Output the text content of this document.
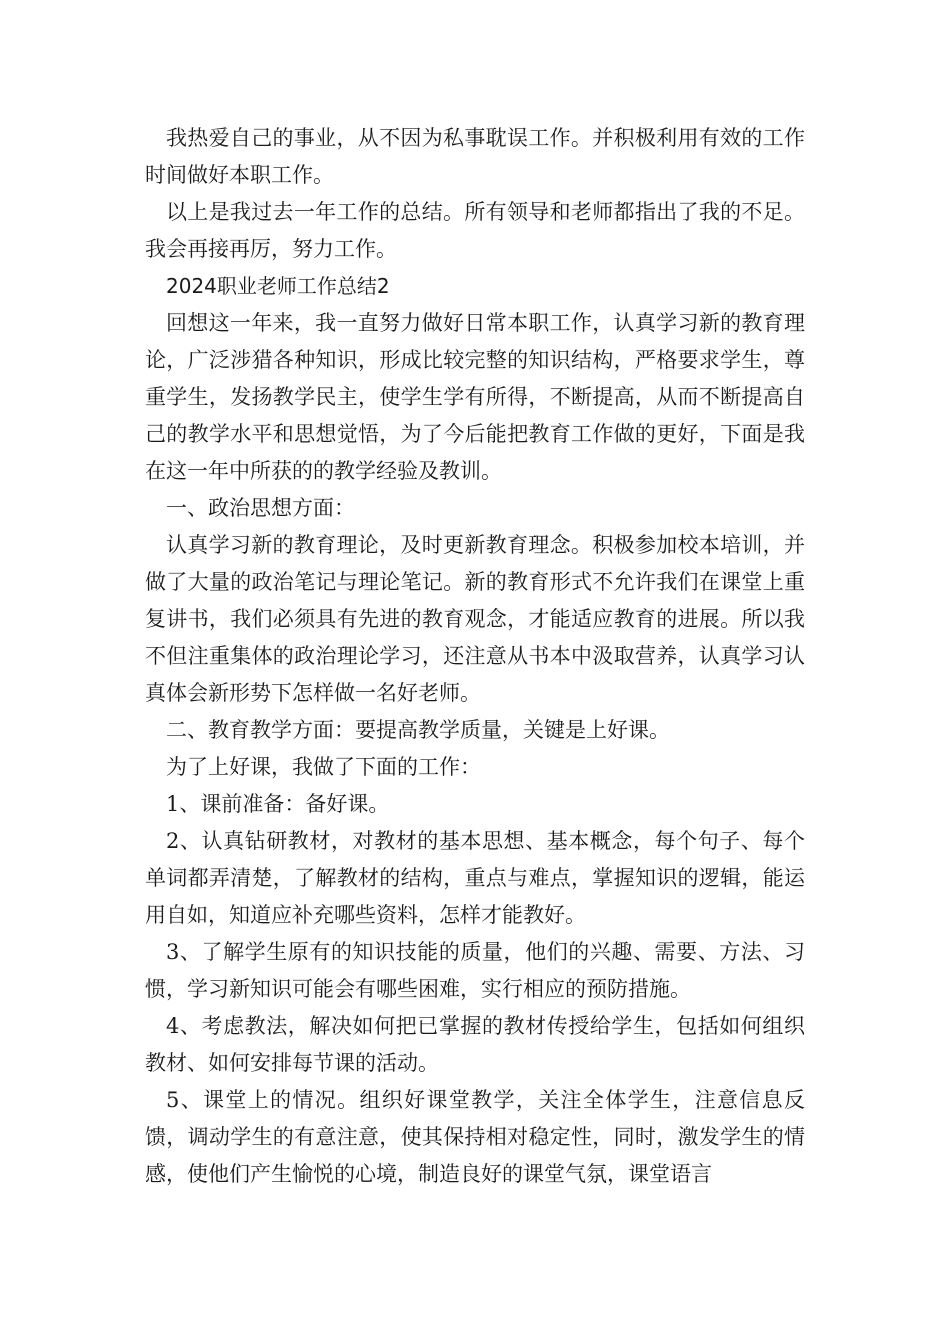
我热爱自己的事业，从不因为私事耽误工作。并积极利用有效的工作时间做好本职工作。

以上是我过去一年工作的总结。所有领导和老师都指出了我的不足。我会再接再厉，努力工作。

2024职业老师工作总结2

回想这一年来，我一直努力做好日常本职工作，认真学习新的教育理论，广泛涉猎各种知识，形成比较完整的知识结构，严格要求学生，尊重学生，发扬教学民主，使学生学有所得，不断提高，从而不断提高自己的教学水平和思想觉悟，为了今后能把教育工作做的更好，下面是我在这一年中所获的的教学经验及教训。

一、政治思想方面：

认真学习新的教育理论，及时更新教育理念。积极参加校本培训，并做了大量的政治笔记与理论笔记。新的教育形式不允许我们在课堂上重复讲书，我们必须具有先进的教育观念，才能适应教育的进展。所以我不但注重集体的政治理论学习，还注意从书本中汲取营养，认真学习认真体会新形势下怎样做一名好老师。

二、教育教学方面：要提高教学质量，关键是上好课。

为了上好课，我做了下面的工作：

1、课前准备：备好课。

2、认真钻研教材，对教材的基本思想、基本概念，每个句子、每个单词都弄清楚，了解教材的结构，重点与难点，掌握知识的逻辑，能运用自如，知道应补充哪些资料，怎样才能教好。

3、了解学生原有的知识技能的质量，他们的兴趣、需要、方法、习惯，学习新知识可能会有哪些困难，实行相应的预防措施。

4、考虑教法，解决如何把已掌握的教材传授给学生，包括如何组织教材、如何安排每节课的活动。

5、课堂上的情况。组织好课堂教学，关注全体学生，注意信息反馈，调动学生的有意注意，使其保持相对稳定性，同时，激发学生的情感，使他们产生愉悦的心境，制造良好的课堂气氛，课堂语言
